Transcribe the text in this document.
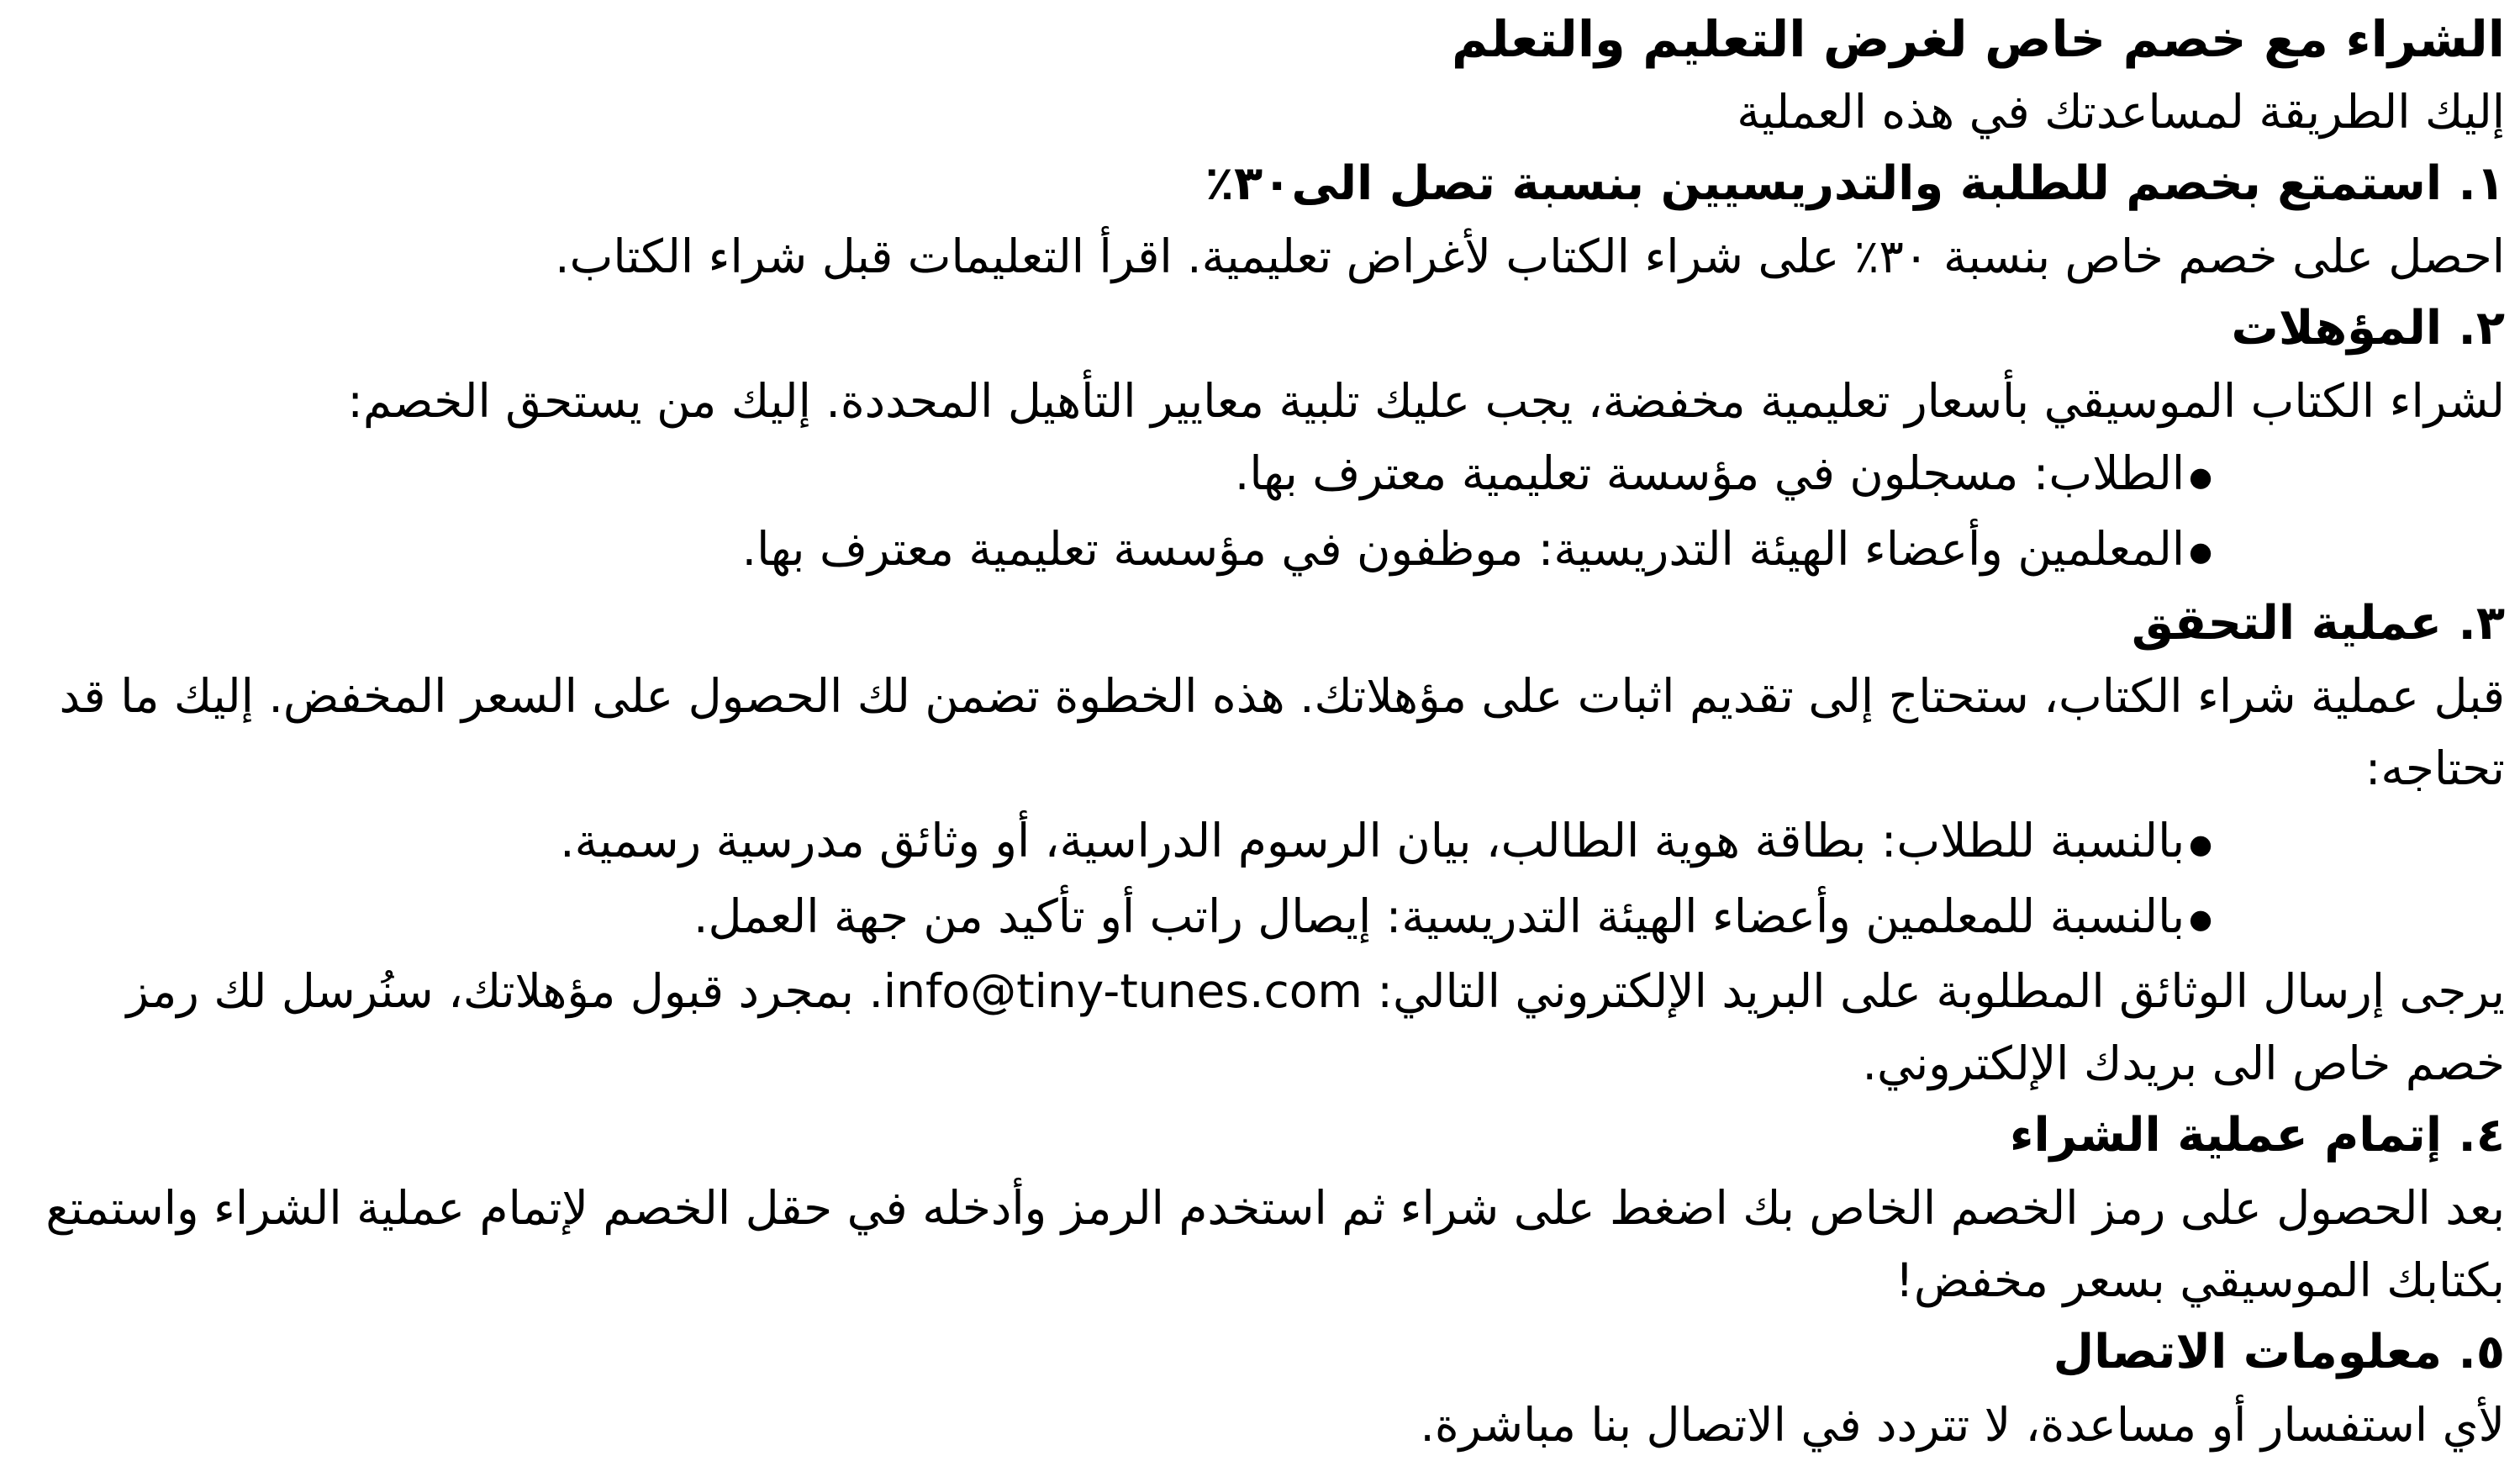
الشراء مع خصم خاص لغرض التعليم والتعلم

إليك الطريقة لمساعدتك في هذه العملية

١. استمتع بخصم للطلبة والتدريسيين بنسبة تصل الى٣٠٪

احصل على خصم خاص بنسبة ٣٠٪ على شراء الكتاب لأغراض تعليمية. اقرأ التعليمات قبل شراء الكتاب.

٢. المؤهلات

لشراء الكتاب الموسيقي بأسعار تعليمية مخفضة، يجب عليك تلبية معايير التأهيل المحددة. إليك من يستحق الخصم:

●الطلاب: مسجلون في مؤسسة تعليمية معترف بها.

●المعلمين وأعضاء الهيئة التدريسية: موظفون في مؤسسة تعليمية معترف بها.

٣. عملية التحقق

قبل عملية شراء الكتاب، ستحتاج إلى تقديم اثبات على مؤهلاتك. هذه الخطوة تضمن لك الحصول على السعر المخفض. إليك ما قد تحتاجه:

●بالنسبة للطلاب: بطاقة هوية الطالب، بيان الرسوم الدراسية، أو وثائق مدرسية رسمية.

●بالنسبة للمعلمين وأعضاء الهيئة التدريسية: إيصال راتب أو تأكيد من جهة العمل.

يرجى إرسال الوثائق المطلوبة على البريد الإلكتروني التالي: info@tiny-tunes.com. بمجرد قبول مؤهلاتك، سنُرسل لك رمز خصم خاص الى بريدك الإلكتروني.

٤. إتمام عملية الشراء

بعد الحصول على رمز الخصم الخاص بك اضغط على شراء ثم استخدم الرمز وأدخله في حقل الخصم لإتمام عملية الشراء واستمتع بكتابك الموسيقي بسعر مخفض!

٥. معلومات الاتصال

لأي استفسار أو مساعدة، لا تتردد في الاتصال بنا مباشرة.
